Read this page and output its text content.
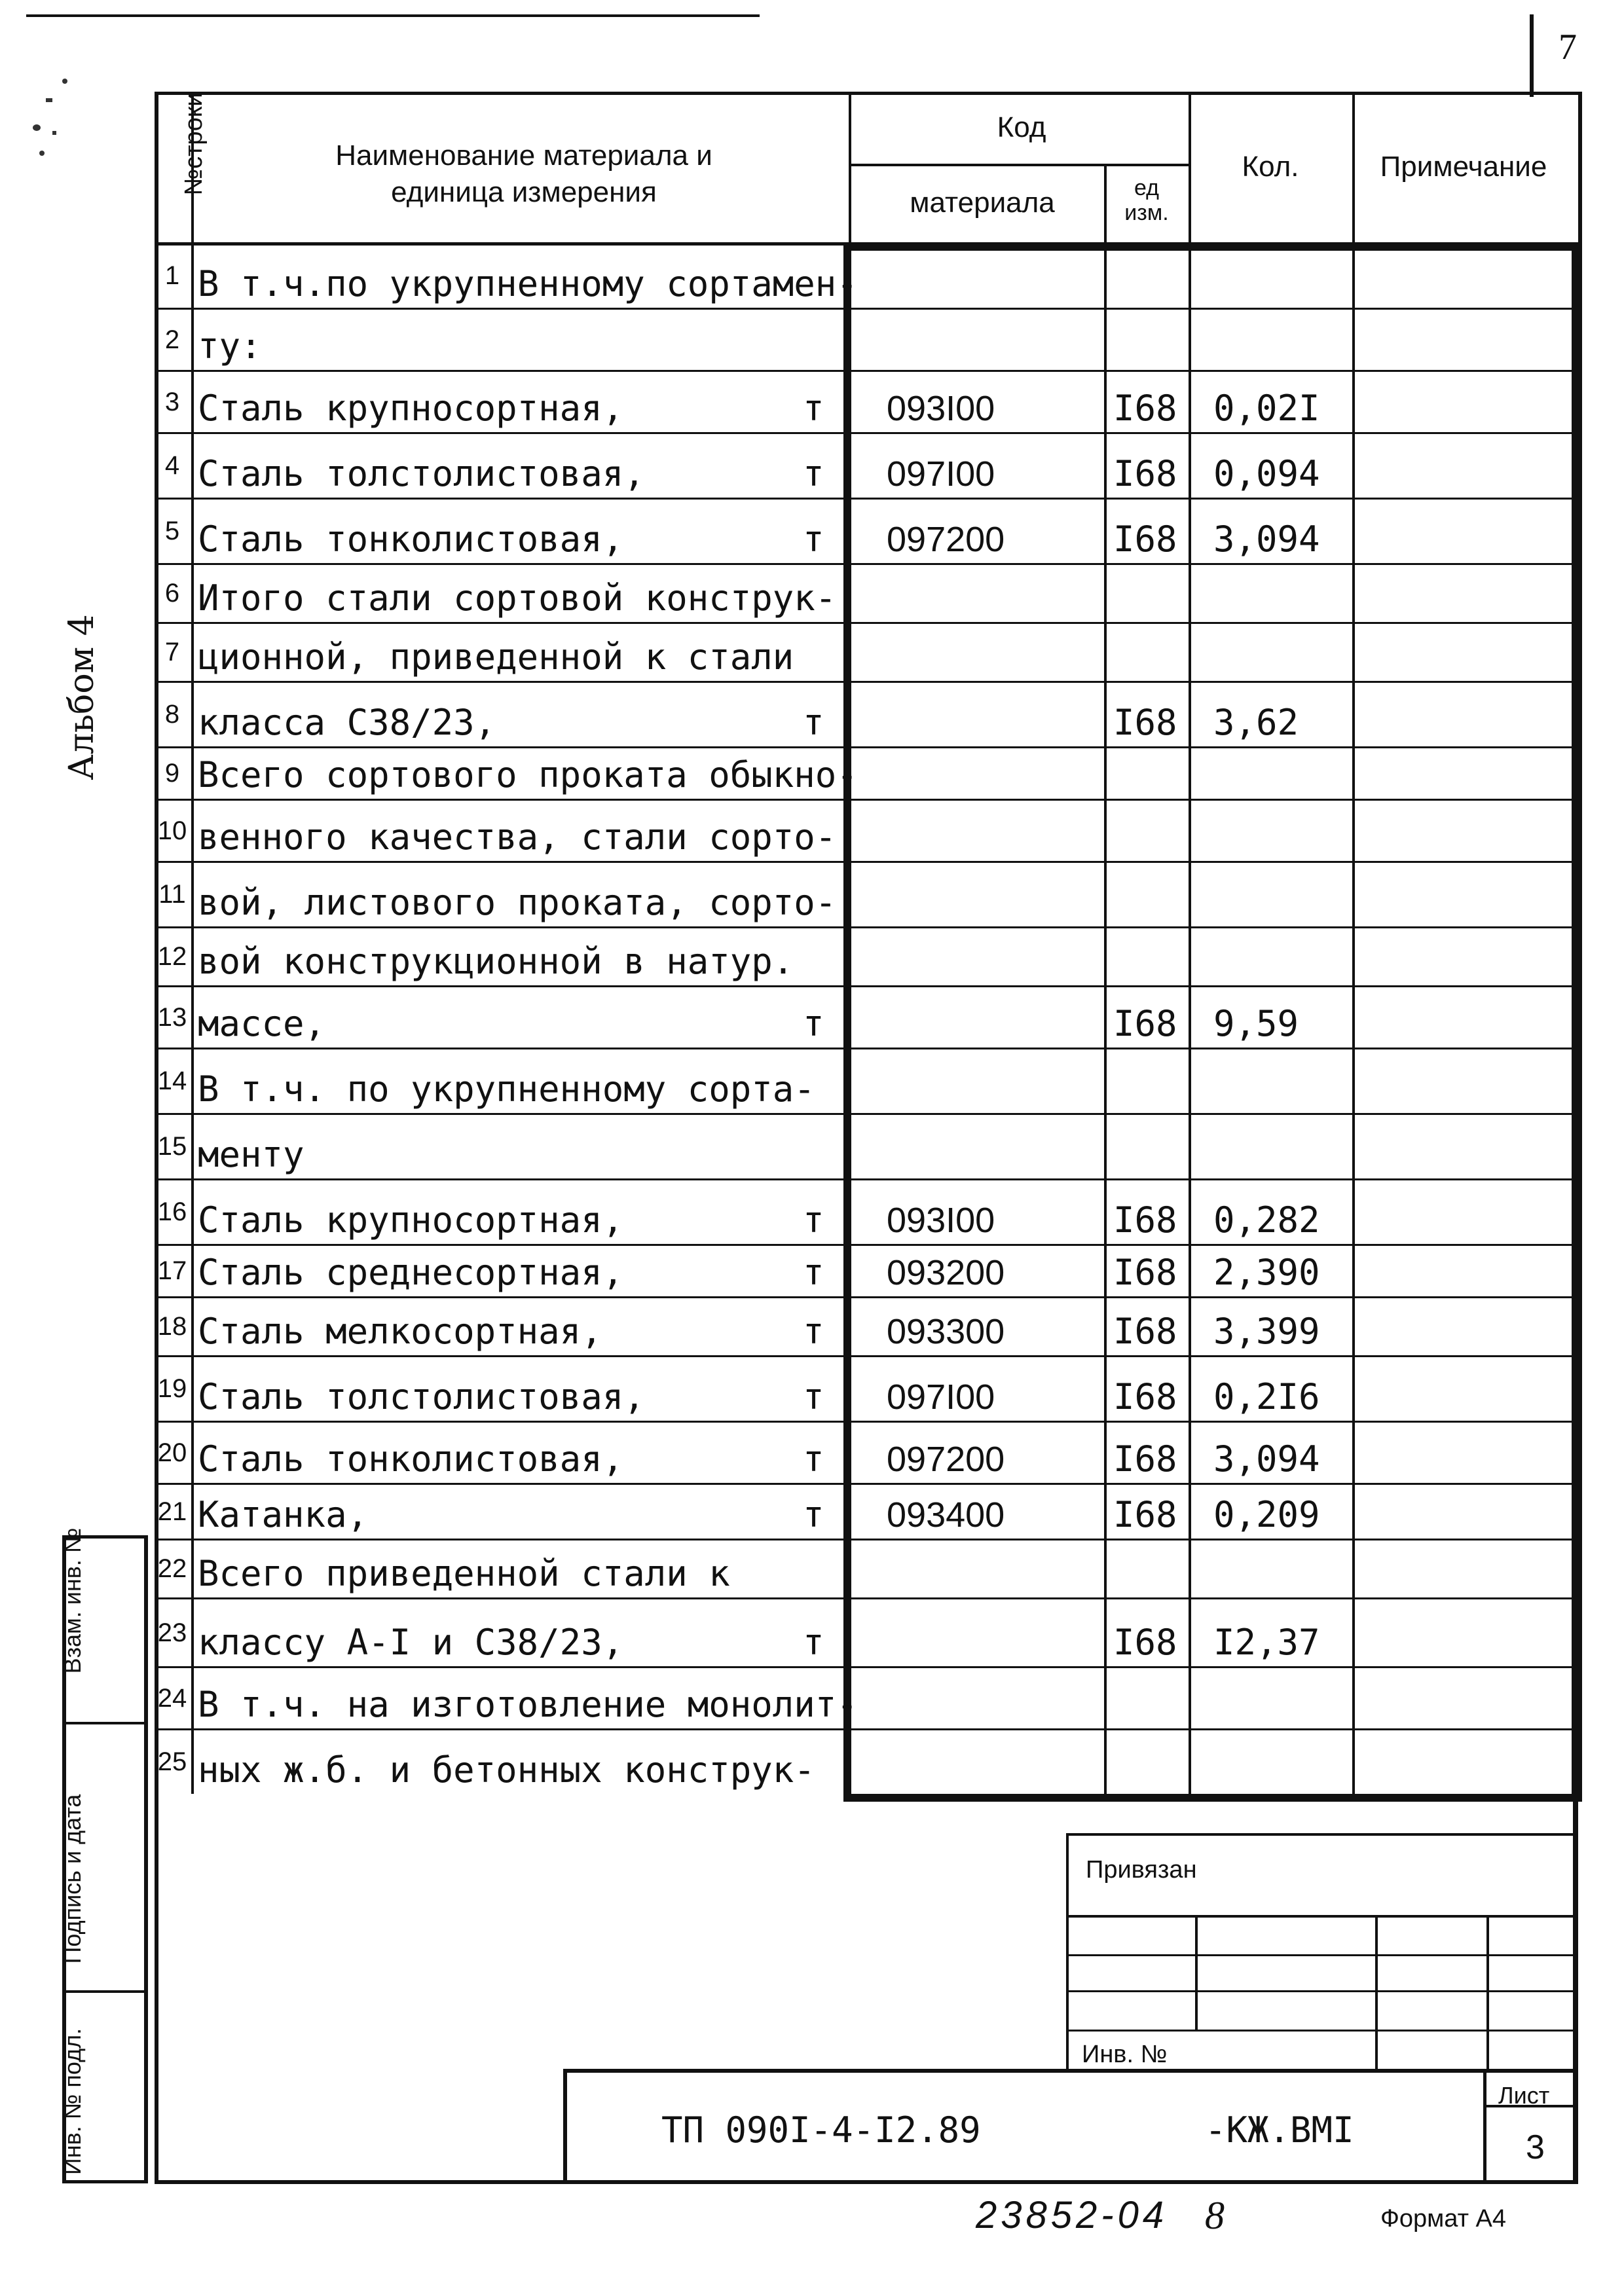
7
Альбом 4
№строки	Наименование материала и
единица измерения
Код
материала	ед
изм.
Кол.	Примечание
1 В т.ч.по укрупненному сортамен-
2 ту:
3 Сталь крупносортная,	т 093I00	I68 0,02I
4 Сталь толстолистовая,	т 097I00	I68 0,094
5 Сталь тонколистовая,	т 097200	I68 3,094
6 Итого стали сортовой конструк-
7 ционной, приведенной к стали
8 класса С38/23,	т	I68 3,62
9 Всего сортового проката обыкно-
10 венного качества, стали сорто-
11 вой, листового проката, сорто-
12 вой конструкционной в натур.
13 массе,	т	I68 9,59
14 В т.ч. по укрупненному сорта-
15 менту
16 Сталь крупносортная,	т 093I00	I68 0,282
17 Сталь среднесортная,	т 093200	I68 2,390
18 Сталь мелкосортная,	т 093300	I68 3,399
19 Сталь толстолистовая,	т 097I00	I68 0,2I6
20 Сталь тонколистовая,	т 097200	I68 3,094
21 Катанка,	т 093400	I68 0,209
22 Всего приведенной стали к
23 классу А-I и С38/23,	т	I68 I2,37
24 В т.ч. на изготовление монолит-
25 ных ж.б. и бетонных конструк-
Взам. инв. №
Подпись и дата
Инв. № подл.
Привязан
Инв. №
ТП 090I-4-I2.89	-КЖ.ВМI
Лист
3
23852-04 8	Формат А4
